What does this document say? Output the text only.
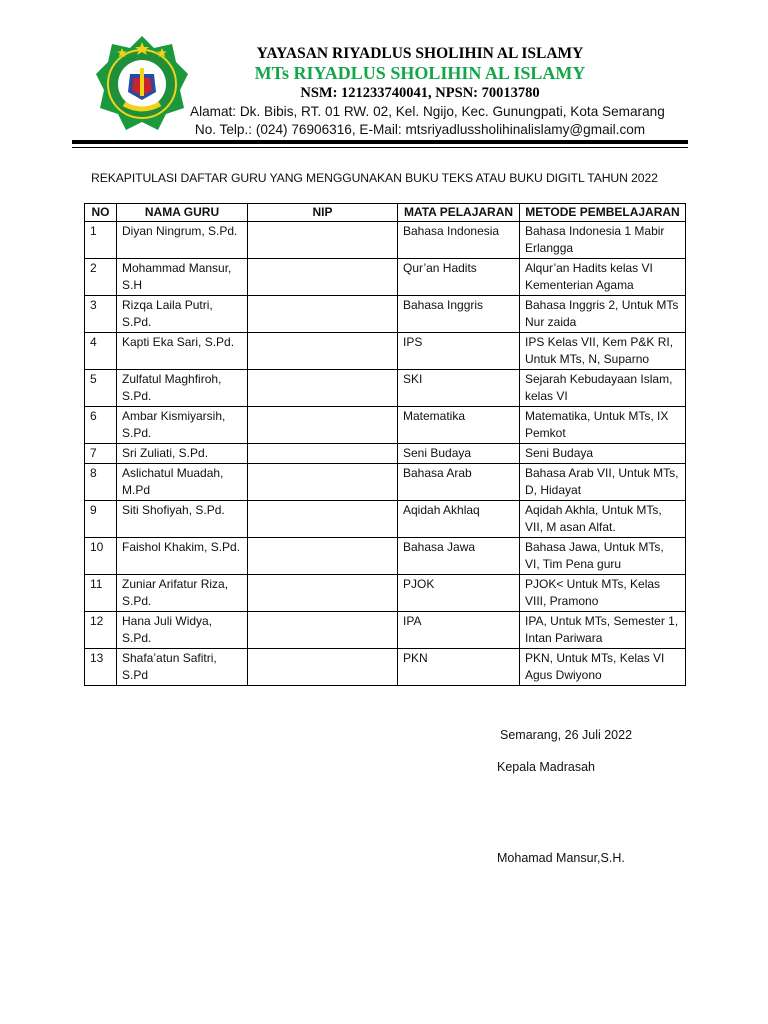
YAYASAN RIYADLUS SHOLIHIN AL ISLAMY
MTs RIYADLUS SHOLIHIN AL ISLAMY
NSM: 121233740041, NPSN: 70013780
Alamat: Dk. Bibis, RT. 01 RW. 02, Kel. Ngijo, Kec. Gunungpati, Kota Semarang
No. Telp.: (024) 76906316, E-Mail: mtsriyadlussholihinalislamy@gmail.com
REKAPITULASI DAFTAR GURU YANG MENGGUNAKAN BUKU TEKS ATAU BUKU DIGITL TAHUN 2022
NO	NAMA GURU	NIP	MATA PELAJARAN	METODE PEMBELAJARAN
1	Diyan Ningrum, S.Pd.		Bahasa Indonesia	Bahasa Indonesia 1 Mabir Erlangga
2	Mohammad Mansur, S.H		Qur’an Hadits	Alqur’an Hadits kelas VI Kementerian Agama
3	Rizqa Laila Putri, S.Pd.		Bahasa Inggris	Bahasa Inggris 2, Untuk MTs Nur zaida
4	Kapti Eka Sari, S.Pd.		IPS	IPS Kelas VII, Kem P&K RI, Untuk MTs, N, Suparno
5	Zulfatul Maghfiroh, S.Pd.		SKI	Sejarah Kebudayaan Islam, kelas VI
6	Ambar Kismiyarsih, S.Pd.		Matematika	Matematika, Untuk MTs, IX Pemkot
7	Sri Zuliati, S.Pd.		Seni Budaya	Seni Budaya
8	Aslichatul Muadah, M.Pd		Bahasa Arab	Bahasa Arab VII, Untuk MTs, D, Hidayat
9	Siti Shofiyah, S.Pd.		Aqidah Akhlaq	Aqidah Akhla, Untuk MTs, VII, M asan Alfat.
10	Faishol Khakim, S.Pd.		Bahasa Jawa	Bahasa Jawa, Untuk MTs, VI, Tim Pena guru
11	Zuniar Arifatur Riza, S.Pd.		PJOK	PJOK< Untuk MTs, Kelas VIII, Pramono
12	Hana Juli Widya, S.Pd.		IPA	IPA, Untuk MTs, Semester 1, Intan Pariwara
13	Shafa’atun Safitri, S.Pd		PKN	PKN, Untuk MTs, Kelas VI Agus Dwiyono
Semarang, 26 Juli 2022
Kepala Madrasah
Mohamad Mansur,S.H.
